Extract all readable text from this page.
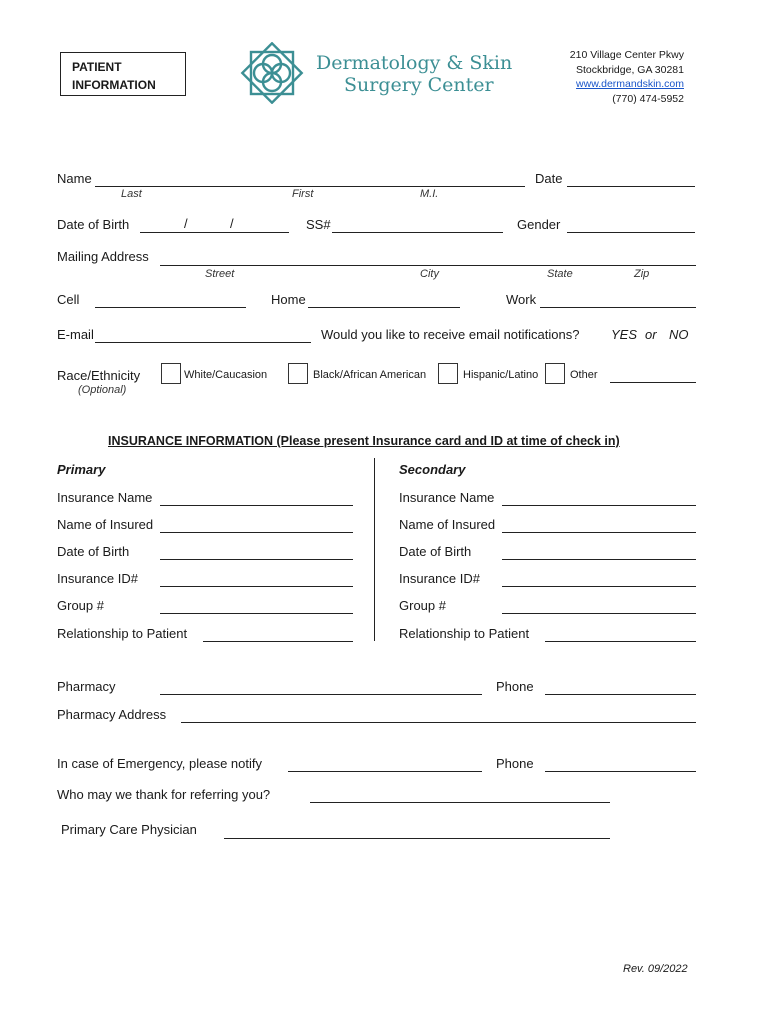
PATIENT
INFORMATION
Dermatology & Skin
Surgery Center
210 Village Center Pkwy
Stockbridge, GA 30281
www.dermandskin.com
(770) 474-5952
Name
Last	First	M.I.
Date
Date of Birth	/	/	SS#	Gender
Mailing Address
Street	City	State	Zip
Cell	Home	Work
E-mail	Would you like to receive email notifications? YES or NO
Race/Ethnicity
(Optional)
White/Caucasion	Black/African American	Hispanic/Latino	Other
INSURANCE INFORMATION (Please present Insurance card and ID at time of check in)
Primary	Secondary
Insurance Name
Name of Insured
Date of Birth
Insurance ID#
Group #
Relationship to Patient
Insurance Name
Name of Insured
Date of Birth
Insurance ID#
Group #
Relationship to Patient
Pharmacy	Phone
Pharmacy Address
In case of Emergency, please notify	Phone
Who may we thank for referring you?
Primary Care Physician
Rev. 09/2022
